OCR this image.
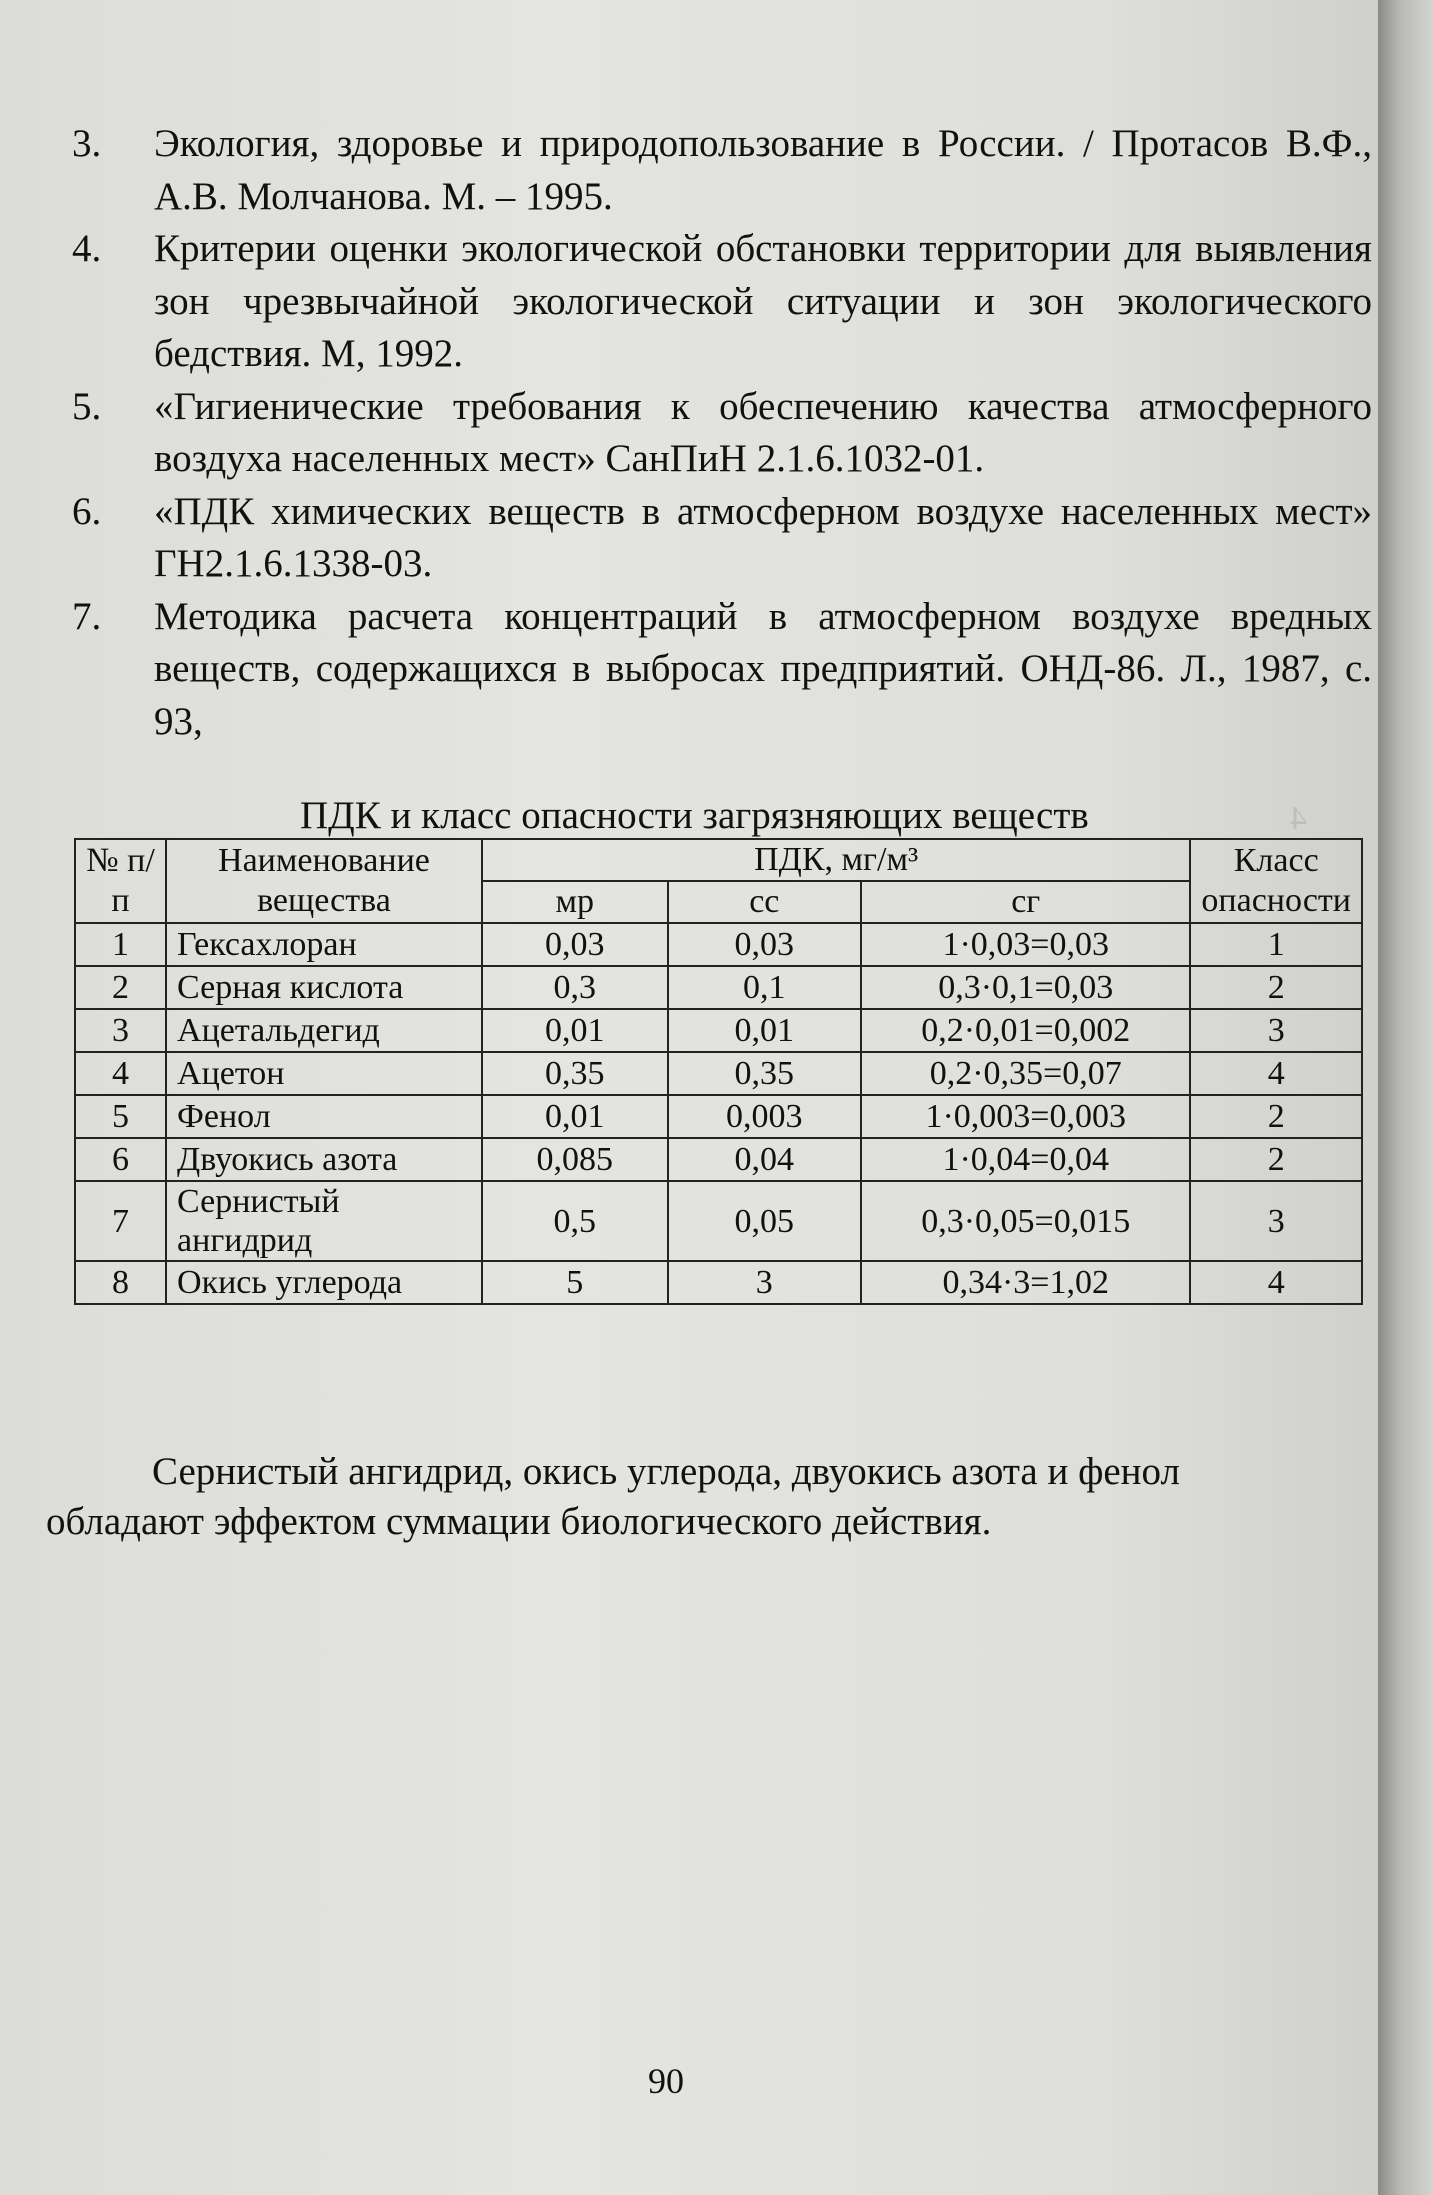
4
3. Экология, здоровье и природопользование в России. / Протасов В.Ф., А.В. Молчанова. М. – 1995.
4. Критерии оценки экологической обстановки территории для выявления зон чрезвычайной экологической ситуации и зон экологического бедствия. М, 1992.
5. «Гигиенические требования к обеспечению качества атмосферного воздуха населенных мест» СанПиН 2.1.6.1032-01.
6. «ПДК химических веществ в атмосферном воздухе населенных мест» ГН2.1.6.1338-03.
7. Методика расчета концентраций в атмосферном воздухе вредных веществ, содержащихся в выбросах предприятий. ОНД-86. Л., 1987, с. 93,
ПДК и класс опасности загрязняющих веществ
№ п/п	Наименование вещества	ПДК, мг/м³			Класс опасности
		мр	сс	сг	
1	Гексахлоран	0,03	0,03	1·0,03=0,03	1
2	Серная кислота	0,3	0,1	0,3·0,1=0,03	2
3	Ацетальдегид	0,01	0,01	0,2·0,01=0,002	3
4	Ацетон	0,35	0,35	0,2·0,35=0,07	4
5	Фенол	0,01	0,003	1·0,003=0,003	2
6	Двуокись азота	0,085	0,04	1·0,04=0,04	2
7	Сернистый ангидрид	0,5	0,05	0,3·0,05=0,015	3
8	Окись углерода	5	3	0,34·3=1,02	4
Сернистый ангидрид, окись углерода, двуокись азота и фенол
обладают эффектом суммации биологического действия.
90
